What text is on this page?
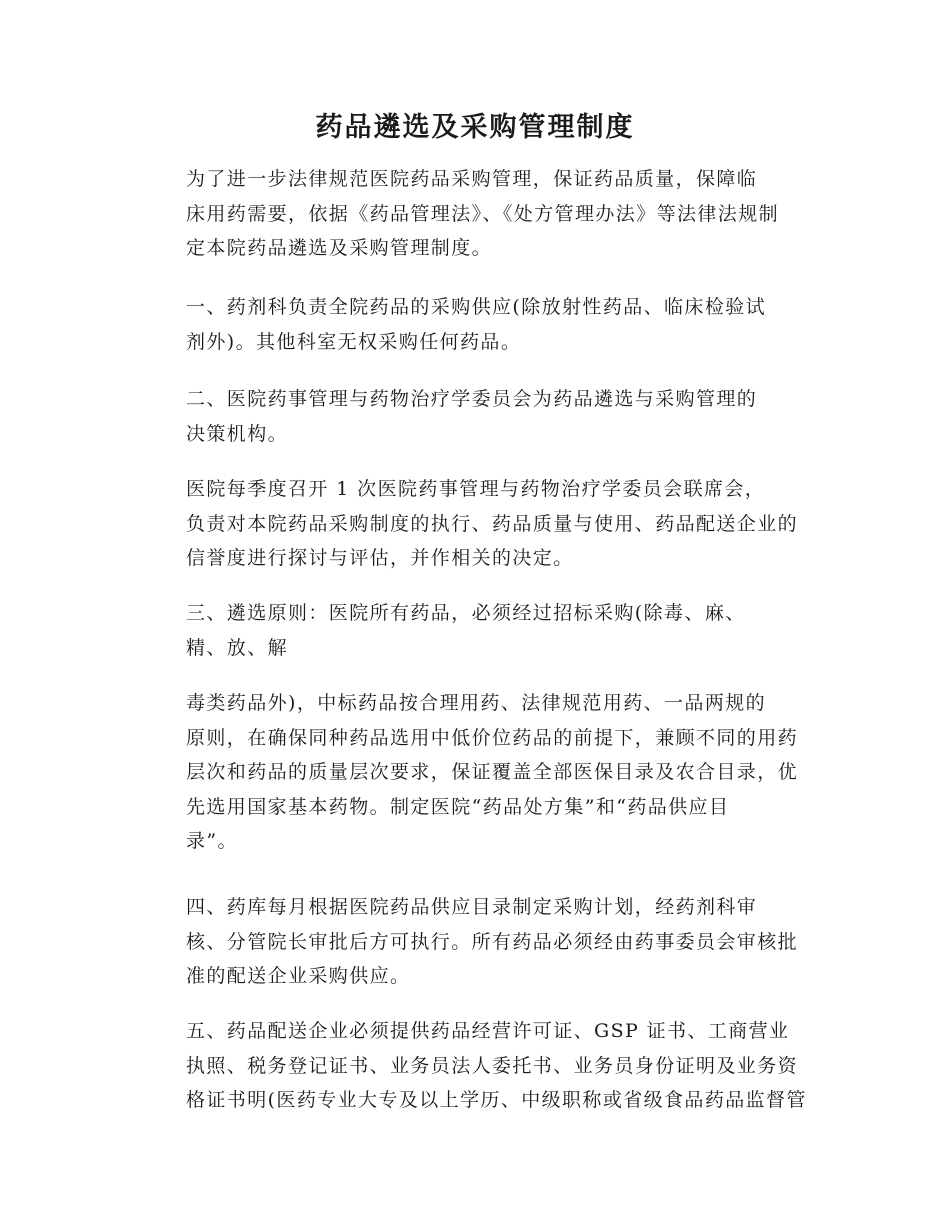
药品遴选及采购管理制度

为了进一步法律规范医院药品采购管理，保证药品质量，保障临
床用药需要，依据《药品管理法》、《处方管理办法》等法律法规制
定本院药品遴选及采购管理制度。

一、药剂科负责全院药品的采购供应(除放射性药品、临床检验试
剂外)。其他科室无权采购任何药品。

二、医院药事管理与药物治疗学委员会为药品遴选与采购管理的
决策机构。

医院每季度召开 1 次医院药事管理与药物治疗学委员会联席会，
负责对本院药品采购制度的执行、药品质量与使用、药品配送企业的
信誉度进行探讨与评估，并作相关的决定。

三、遴选原则：医院所有药品，必须经过招标采购(除毒、麻、
精、放、解

毒类药品外)，中标药品按合理用药、法律规范用药、一品两规的
原则，在确保同种药品选用中低价位药品的前提下，兼顾不同的用药
层次和药品的质量层次要求，保证覆盖全部医保目录及农合目录，优
先选用国家基本药物。制定医院“药品处方集”和“药品供应目
录”。

四、药库每月根据医院药品供应目录制定采购计划，经药剂科审
核、分管院长审批后方可执行。所有药品必须经由药事委员会审核批
准的配送企业采购供应。

五、药品配送企业必须提供药品经营许可证、GSP 证书、工商营业
执照、税务登记证书、业务员法人委托书、业务员身份证明及业务资
格证书明(医药专业大专及以上学历、中级职称或省级食品药品监督管
